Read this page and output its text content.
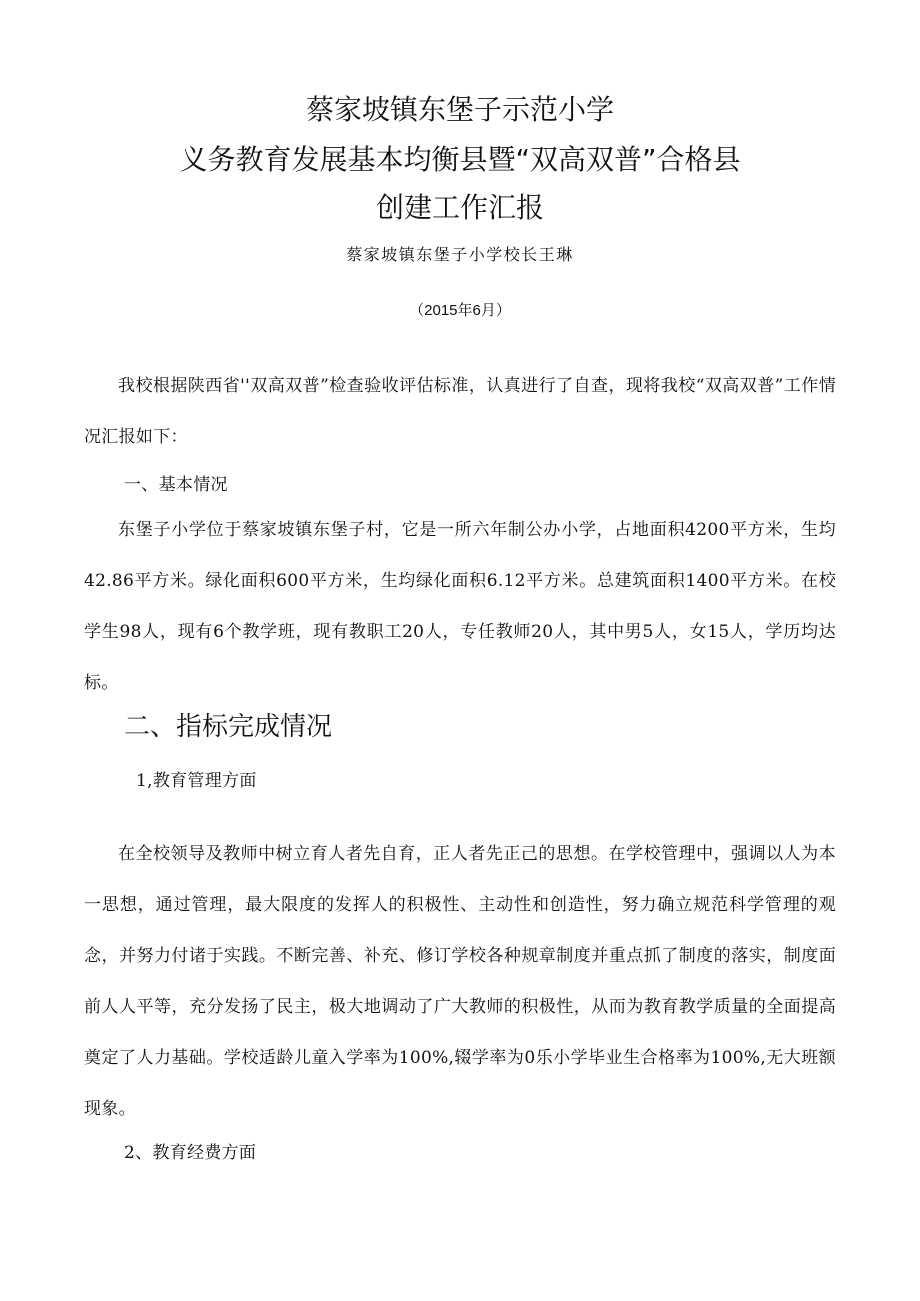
蔡家坡镇东堡子示范小学
义务教育发展基本均衡县暨“双高双普”合格县
创建工作汇报
蔡家坡镇东堡子小学校长王琳
（2015年6月）

我校根据陕西省''双高双普”检查验收评估标准，认真进行了自查，现将我校“双高双普”工作情况汇报如下：

一、基本情况

东堡子小学位于蔡家坡镇东堡子村，它是一所六年制公办小学，占地面积4200平方米，生均42.86平方米。绿化面积600平方米，生均绿化面积6.12平方米。总建筑面积1400平方米。在校学生98人，现有6个教学班，现有教职工20人，专任教师20人，其中男5人，女15人，学历均达标。

二、指标完成情况
1,教育管理方面

在全校领导及教师中树立育人者先自育，正人者先正己的思想。在学校管理中，强调以人为本一思想，通过管理，最大限度的发挥人的积极性、主动性和创造性，努力确立规范科学管理的观念，并努力付诸于实践。不断完善、补充、修订学校各种规章制度并重点抓了制度的落实，制度面前人人平等，充分发扬了民主，极大地调动了广大教师的积极性，从而为教育教学质量的全面提高奠定了人力基础。学校适龄儿童入学率为100%,辍学率为0乐小学毕业生合格率为100%,无大班额现象。

2、教育经费方面
